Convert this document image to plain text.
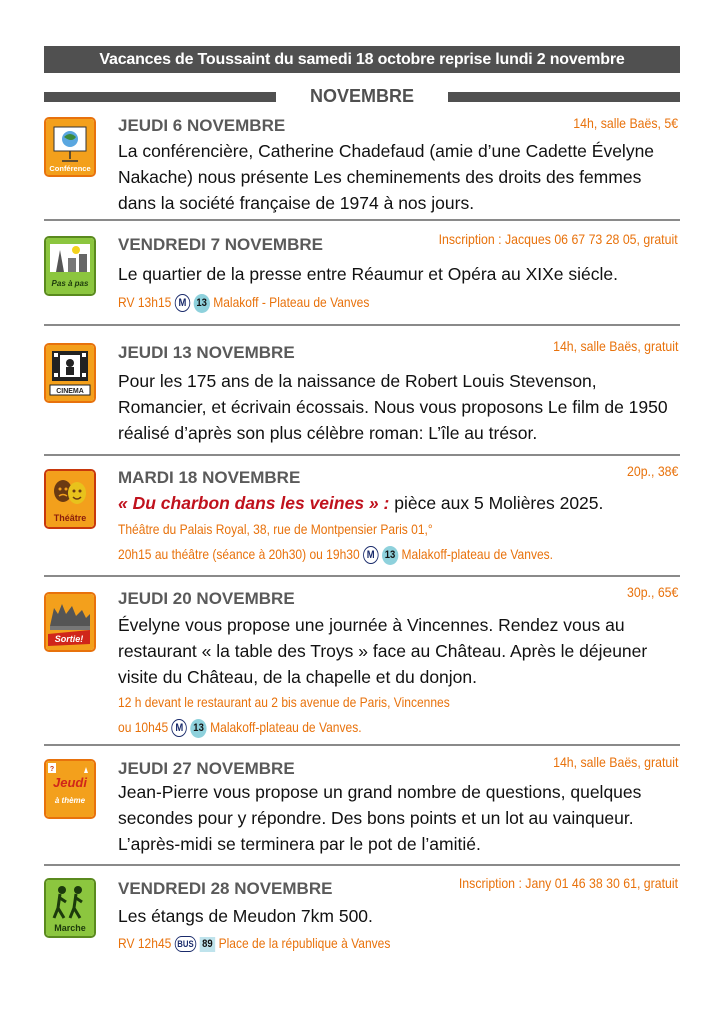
Vacances de Toussaint du samedi 18 octobre reprise lundi 2 novembre
NOVEMBRE
Conférence
JEUDI 6 NOVEMBRE	14h, salle Baës, 5€
La conférencière, Catherine Chadefaud (amie d’une Cadette Évelyne Nakache) nous présente Les cheminements des droits des femmes dans la société française de 1974 à nos jours.
Pas à pas
VENDREDI 7 NOVEMBRE	Inscription : Jacques 06 67 73 28 05, gratuit
Le quartier de la presse entre Réaumur et Opéra au XIXe siécle.
RV 13h15 M 13 Malakoff - Plateau de Vanves
CINEMA
JEUDI 13 NOVEMBRE	14h, salle Baës, gratuit
Pour les 175 ans de la naissance de Robert Louis Stevenson, Romancier, et écrivain écossais. Nous vous proposons Le film de 1950 réalisé d’après son plus célèbre roman: L’île au trésor.
Théâtre
MARDI 18 NOVEMBRE	20p., 38€
« Du charbon dans les veines » : pièce aux 5 Molières 2025.
Théâtre du Palais Royal, 38, rue de Montpensier Paris 01,°
20h15 au théâtre (séance à 20h30) ou 19h30 M 13 Malakoff-plateau de Vanves.
Sortie!
JEUDI 20 NOVEMBRE	30p., 65€
Évelyne vous propose une journée à Vincennes. Rendez vous au restaurant « la table des Troys » face au Château. Après le déjeuner visite du Château, de la chapelle et du donjon.
12 h devant le restaurant au 2 bis avenue de Paris, Vincennes
ou 10h45 M 13 Malakoff-plateau de Vanves.
?
Jeudi
à thème
JEUDI 27 NOVEMBRE	14h, salle Baës, gratuit
Jean-Pierre vous propose un grand nombre de questions, quelques secondes pour y répondre. Des bons points et un lot au vainqueur. L’après-midi se terminera par le pot de l’amitié.
Marche
VENDREDI 28 NOVEMBRE	Inscription : Jany 01 46 38 30 61, gratuit
Les étangs de Meudon 7km 500.
RV 12h45 BUS 89 Place de la république à Vanves
